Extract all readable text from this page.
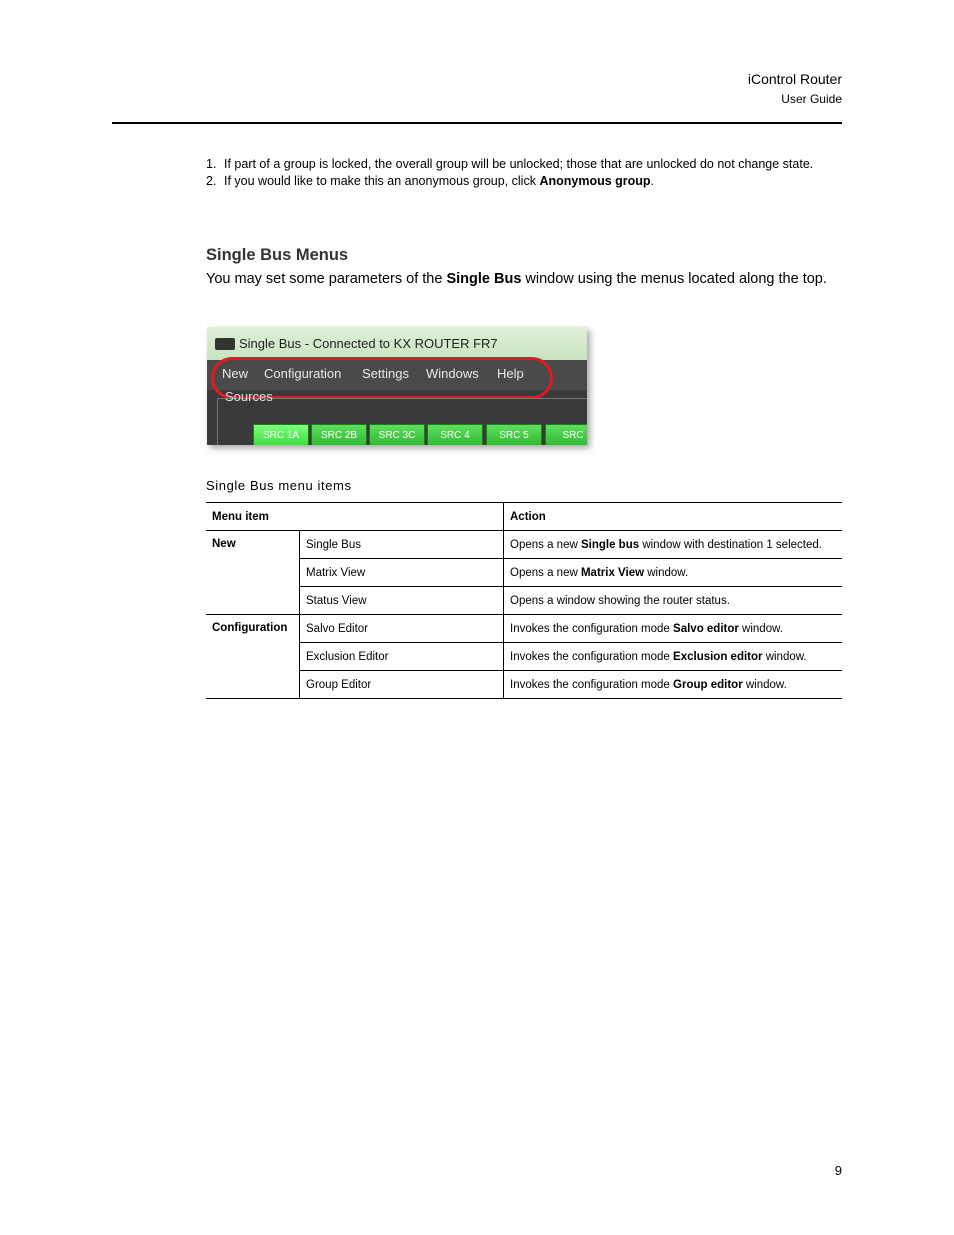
iControl Router
User Guide
1. If part of a group is locked, the overall group will be unlocked; those that are unlocked do not change state.
2. If you would like to make this an anonymous group, click Anonymous group.
Single Bus Menus
You may set some parameters of the Single Bus window using the menus located along the top.
Single Bus - Connected to KX ROUTER FR7
New Configuration Settings Windows Help
Sources
SRC 1A	SRC 2B	SRC 3C	SRC 4	SRC 5	SRC
Single Bus menu items
Menu item		Action
New	Single Bus	Opens a new Single bus window with destination 1 selected.
	Matrix View	Opens a new Matrix View window.
	Status View	Opens a window showing the router status.
Configuration	Salvo Editor	Invokes the configuration mode Salvo editor window.
	Exclusion Editor	Invokes the configuration mode Exclusion editor window.
	Group Editor	Invokes the configuration mode Group editor window.
9
